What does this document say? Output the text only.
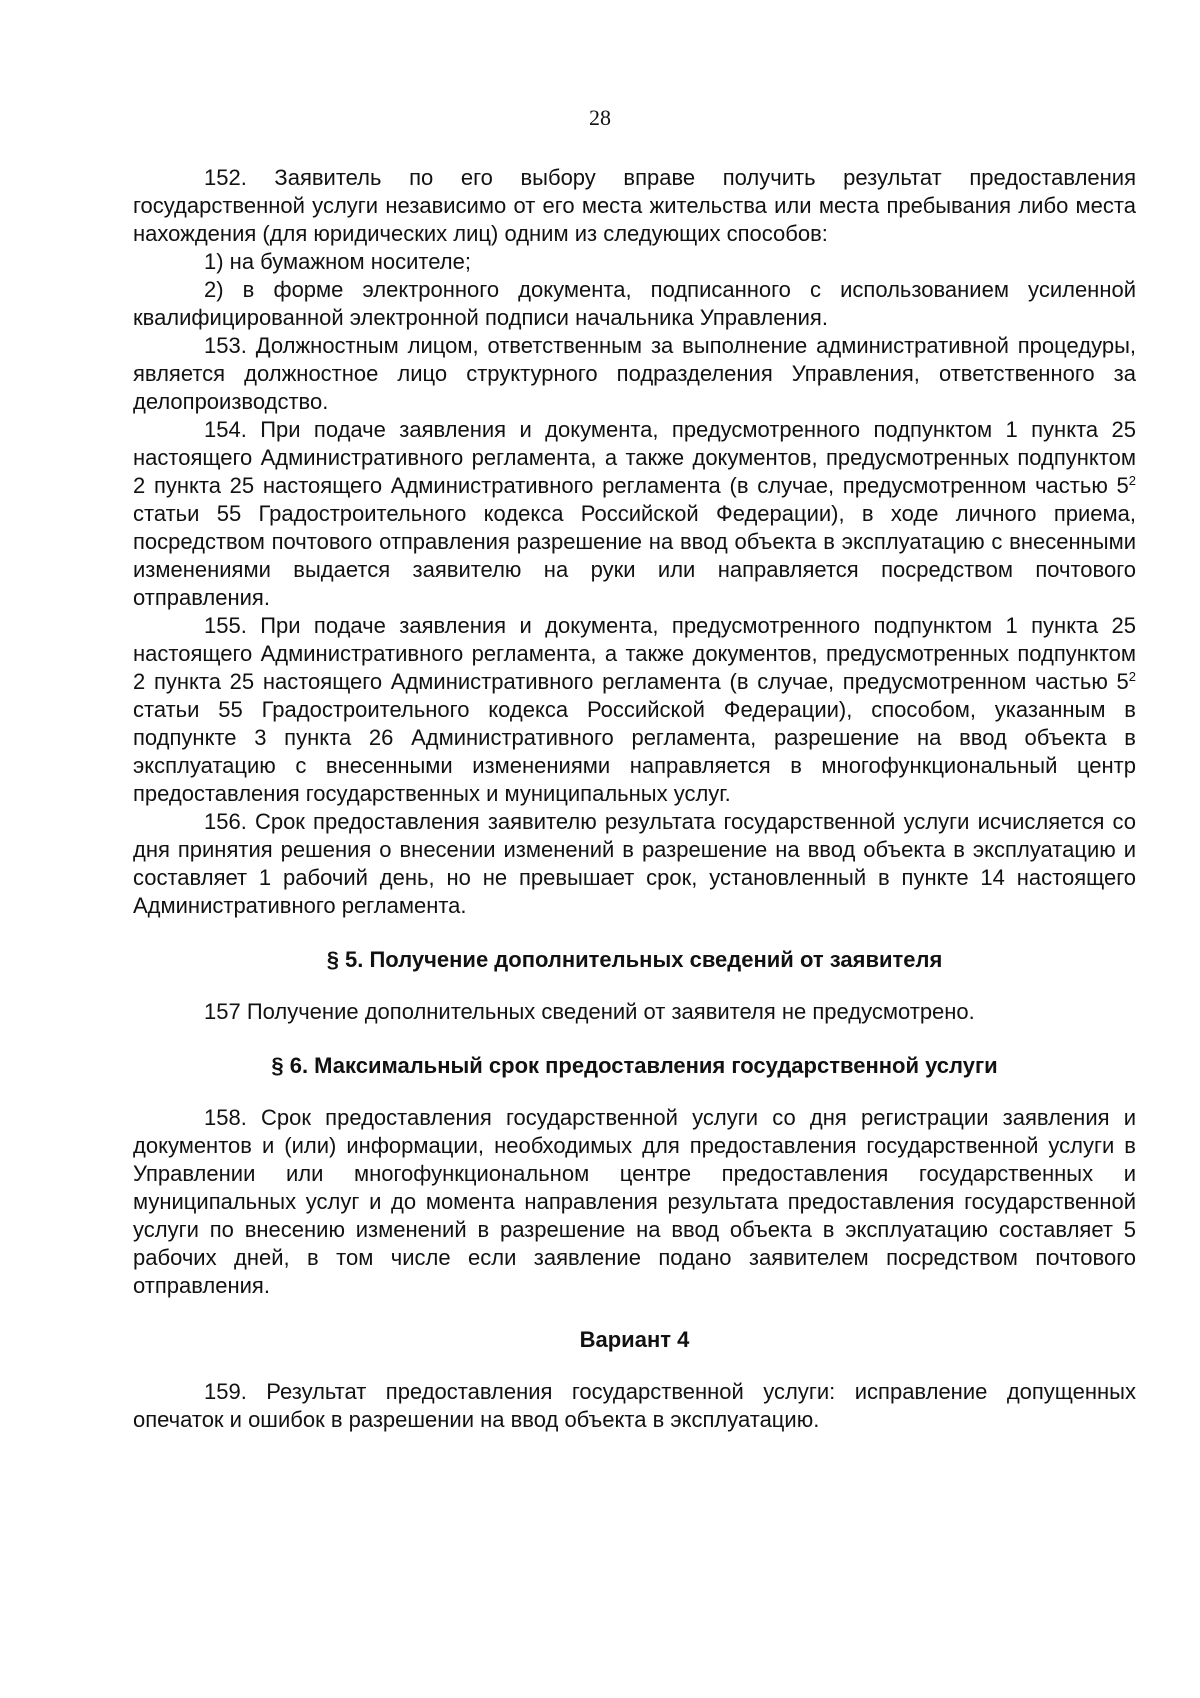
28

152. Заявитель по его выбору вправе получить результат предоставления государственной услуги независимо от его места жительства или места пребывания либо места нахождения (для юридических лиц) одним из следующих способов:

1) на бумажном носителе;

2) в форме электронного документа, подписанного с использованием усиленной квалифицированной электронной подписи начальника Управления.

153. Должностным лицом, ответственным за выполнение административной процедуры, является должностное лицо структурного подразделения Управления, ответственного за делопроизводство.

154. При подаче заявления и документа, предусмотренного подпунктом 1 пункта 25 настоящего Административного регламента, а также документов, предусмотренных подпунктом 2 пункта 25 настоящего Административного регламента (в случае, предусмотренном частью $5^2$ статьи 55 Градостроительного кодекса Российской Федерации), в ходе личного приема, посредством почтового отправления разрешение на ввод объекта в эксплуатацию с внесенными изменениями выдается заявителю на руки или направляется посредством почтового отправления.

155. При подаче заявления и документа, предусмотренного подпунктом 1 пункта 25 настоящего Административного регламента, а также документов, предусмотренных подпунктом 2 пункта 25 настоящего Административного регламента (в случае, предусмотренном частью $5^2$ статьи 55 Градостроительного кодекса Российской Федерации), способом, указанным в подпункте 3 пункта 26 Административного регламента, разрешение на ввод объекта в эксплуатацию с внесенными изменениями направляется в многофункциональный центр предоставления государственных и муниципальных услуг.

156. Срок предоставления заявителю результата государственной услуги исчисляется со дня принятия решения о внесении изменений в разрешение на ввод объекта в эксплуатацию и составляет 1 рабочий день, но не превышает срок, установленный в пункте 14 настоящего Административного регламента.

§ 5. Получение дополнительных сведений от заявителя

157 Получение дополнительных сведений от заявителя не предусмотрено.

§ 6. Максимальный срок предоставления государственной услуги

158. Срок предоставления государственной услуги со дня регистрации заявления и документов и (или) информации, необходимых для предоставления государственной услуги в Управлении или многофункциональном центре предоставления государственных и муниципальных услуг и до момента направления результата предоставления государственной услуги по внесению изменений в разрешение на ввод объекта в эксплуатацию составляет 5 рабочих дней, в том числе если заявление подано заявителем посредством почтового отправления.

Вариант 4

159. Результат предоставления государственной услуги: исправление допущенных опечаток и ошибок в разрешении на ввод объекта в эксплуатацию.
